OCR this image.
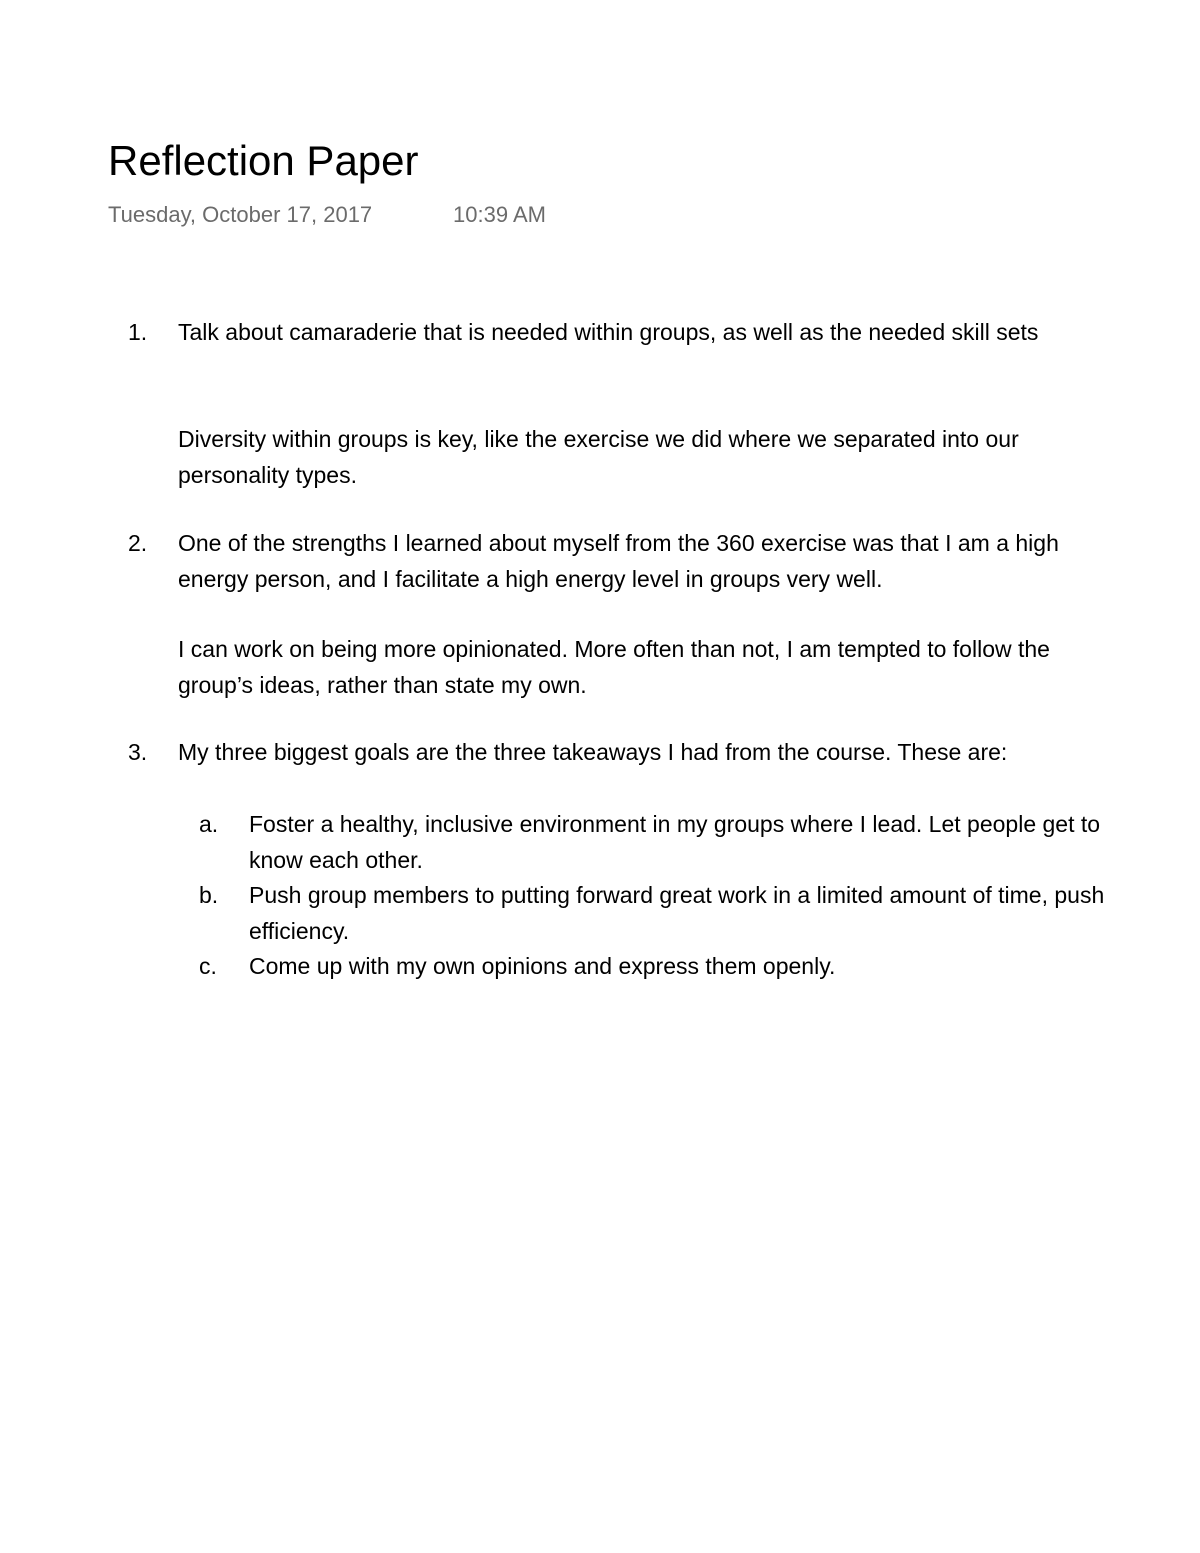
Reflection Paper
Tuesday, October 17, 2017	10:39 AM
1. Talk about camaraderie that is needed within groups, as well as the needed skill sets
Diversity within groups is key, like the exercise we did where we separated into our personality types.
2. One of the strengths I learned about myself from the 360 exercise was that I am a high energy person, and I facilitate a high energy level in groups very well.
I can work on being more opinionated. More often than not, I am tempted to follow the group’s ideas, rather than state my own.
3. My three biggest goals are the three takeaways I had from the course. These are:
a. Foster a healthy, inclusive environment in my groups where I lead. Let people get to know each other.
b. Push group members to putting forward great work in a limited amount of time, push efficiency.
c. Come up with my own opinions and express them openly.
